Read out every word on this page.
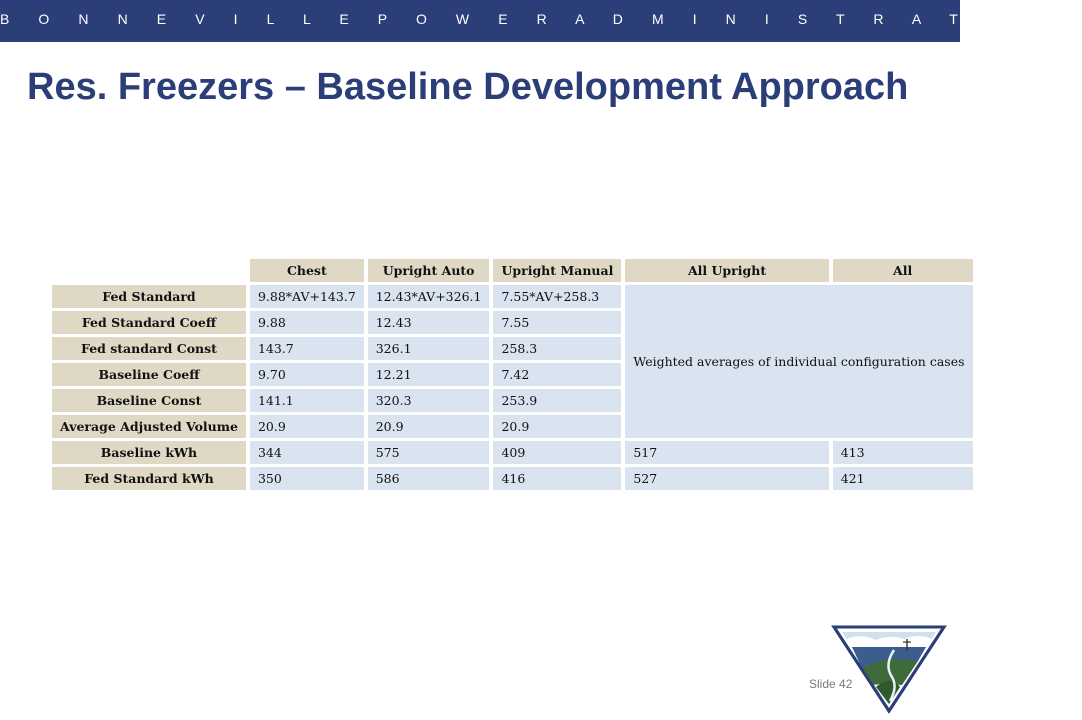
B O N N E V I L L E P O W E R A D M I N I S T R A T I O N
Res. Freezers – Baseline Development Approach
	Chest	Upright Auto	Upright Manual	All Upright	All
Fed Standard	9.88*AV+143.7	12.43*AV+326.1	7.55*AV+258.3	Weighted averages of individual configuration cases	
Fed Standard Coeff	9.88	12.43	7.55		
Fed standard Const	143.7	326.1	258.3		
Baseline Coeff	9.70	12.21	7.42		
Baseline Const	141.1	320.3	253.9		
Average Adjusted Volume	20.9	20.9	20.9		
Baseline kWh	344	575	409	517	413
Fed Standard kWh	350	586	416	527	421
Slide 42
